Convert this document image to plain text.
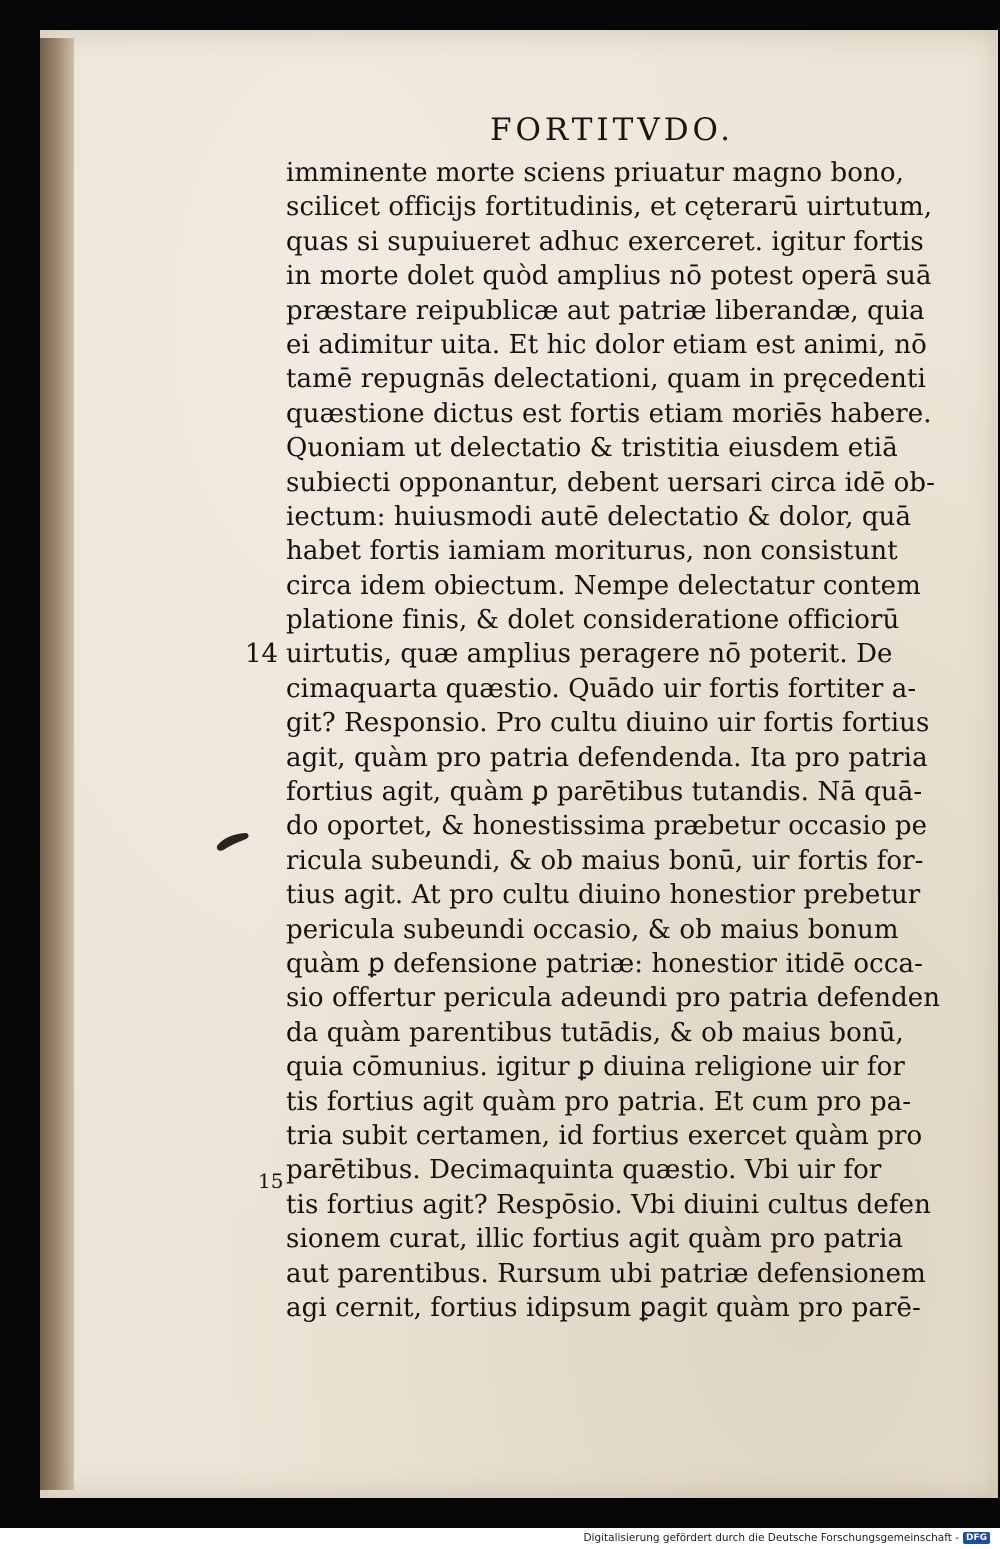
FORTITVDO.
imminente morte sciens priuatur magno bono,
scilicet officijs fortitudinis, et cęterarū uirtutum,
quas si supuiueret adhuc exerceret. igitur fortis
in morte dolet quòd amplius nō potest operā suā
præstare reipublicæ aut patriæ liberandæ, quia
ei adimitur uita. Et hic dolor etiam est animi, nō
tamē repugnās delectationi, quam in pręcedenti
quæstione dictus est fortis etiam moriēs habere.
Quoniam ut delectatio & tristitia eiusdem etiā
subiecti opponantur, debent uersari circa idē ob-
iectum: huiusmodi autē delectatio & dolor, quā
habet fortis iamiam moriturus, non consistunt
circa idem obiectum. Nempe delectatur contem
platione finis, & dolet consideratione officiorū
uirtutis, quæ amplius peragere nō poterit. De
cimaquarta quæstio. Quādo uir fortis fortiter a-
git? Responsio. Pro cultu diuino uir fortis fortius
agit, quàm pro patria defendenda. Ita pro patria
fortius agit, quàm ꝑ parētibus tutandis. Nā quā-
do oportet, & honestissima præbetur occasio pe
ricula subeundi, & ob maius bonū, uir fortis for-
tius agit. At pro cultu diuino honestior prebetur
pericula subeundi occasio, & ob maius bonum
quàm ꝑ defensione patriæ: honestior itidē occa-
sio offertur pericula adeundi pro patria defenden
da quàm parentibus tutādis, & ob maius bonū,
quia cōmunius. igitur ꝑ diuina religione uir for
tis fortius agit quàm pro patria. Et cum pro pa-
tria subit certamen, id fortius exercet quàm pro
parētibus. Decimaquinta quæstio. Vbi uir for
tis fortius agit? Respōsio. Vbi diuini cultus defen
sionem curat, illic fortius agit quàm pro patria
aut parentibus. Rursum ubi patriæ defensionem
agi cernit, fortius idipsum ꝑagit quàm pro parē-
14
15
Digitalisierung gefördert durch die Deutsche Forschungsgemeinschaft - DFG
